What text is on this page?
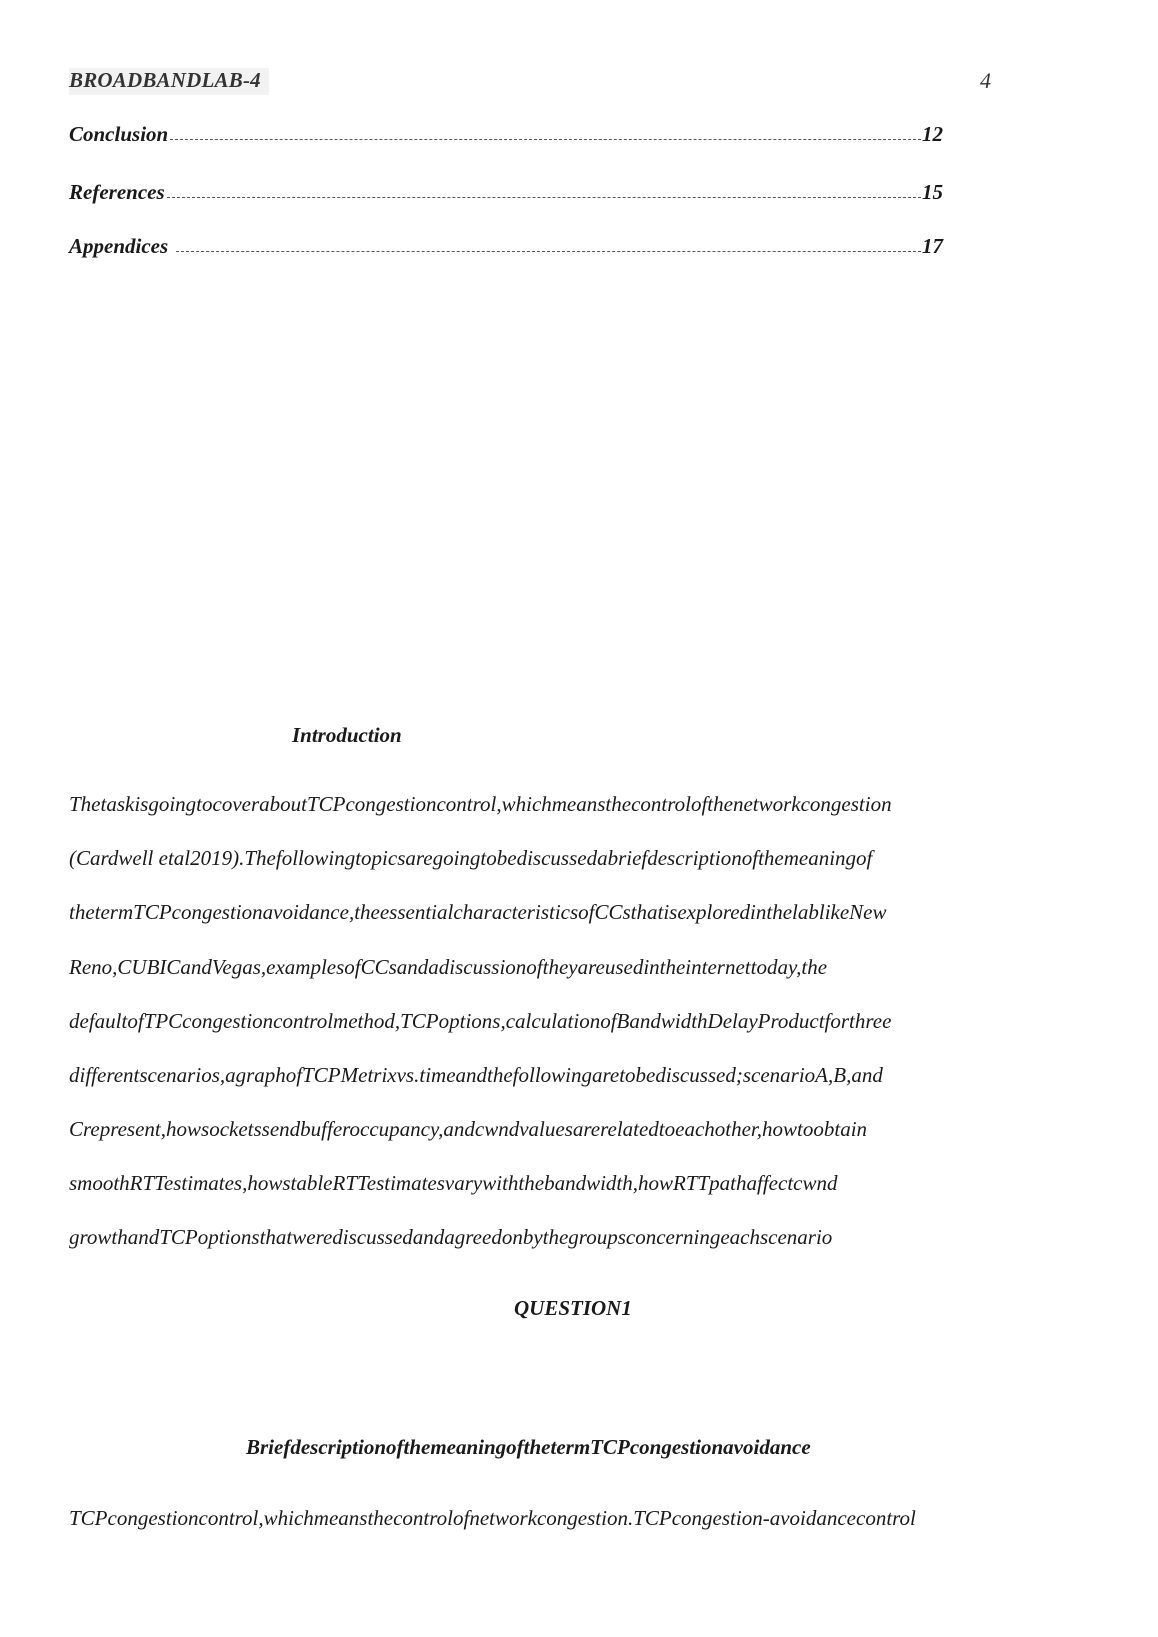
BROADBANDLAB-4	4
Conclusion	12
References	15
Appendices	17
Introduction
ThetaskisgoingtocoveraboutTCPcongestioncontrol,whichmeansthecontrolofthenetworkcongestion
(Cardwell etal2019).Thefollowingtopicsaregoingtobediscussedabriefdescriptionofthemeaningof
thetermTCPcongestionavoidance,theessentialcharacteristicsofCCsthatisexploredinthelablikeNew
Reno,CUBICandVegas,examplesofCCsandadiscussionoftheyareusedintheinternettoday,the
defaultofTPCcongestioncontrolmethod,TCPoptions,calculationofBandwidthDelayProductforthree
differentscenarios,agraphofTCPMetrixvs.timeandthefollowingaretobediscussed;scenarioA,B,and
Crepresent,howsocketssendbufferoccupancy,andcwndvaluesarerelatedtoeachother,howtoobtain
smoothRTTestimates,howstableRTTestimatesvarywiththebandwidth,howRTTpathaffectcwnd
growthandTCPoptionsthatwerediscussedandagreedonbythegroupsconcerningeachscenario
QUESTION1
BriefdescriptionofthemeaningofthetermTCPcongestionavoidance
TCPcongestioncontrol,whichmeansthecontrolofnetworkcongestion.TCPcongestion-avoidancecontrol
